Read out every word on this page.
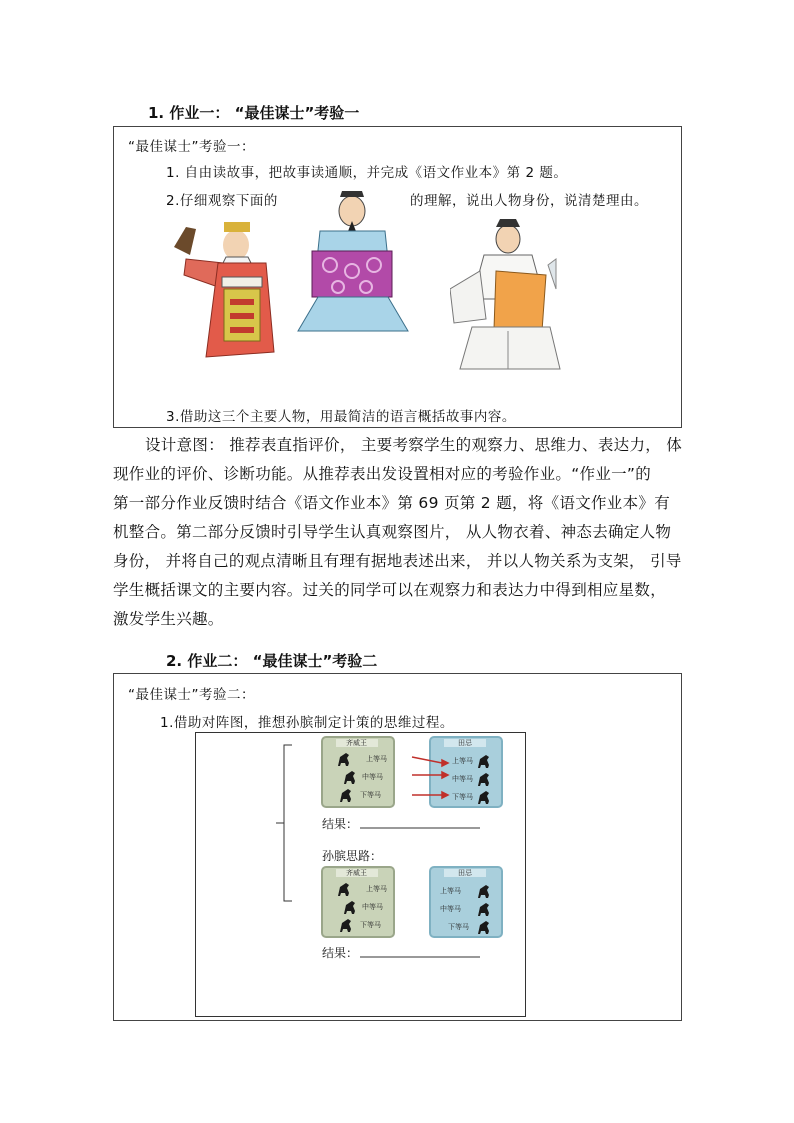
1. 作业一： “最佳谋士”考验一
“最佳谋士”考验一：
1. 自由读故事，把故事读通顺，并完成《语文作业本》第 2 题。
2.仔细观察下面的	的理解，说出人物身份，说清楚理由。
3.借助这三个主要人物，用最简洁的语言概括故事内容。
设计意图： 推荐表直指评价， 主要考察学生的观察力、思维力、表达力， 体
现作业的评价、诊断功能。从推荐表出发设置相对应的考验作业。“作业一”的
第一部分作业反馈时结合《语文作业本》第 69 页第 2 题，将《语文作业本》有
机整合。第二部分反馈时引导学生认真观察图片， 从人物衣着、神态去确定人物
身份， 并将自己的观点清晰且有理有据地表述出来， 并以人物关系为支架， 引导
学生概括课文的主要内容。过关的同学可以在观察力和表达力中得到相应星数，
激发学生兴趣。
2. 作业二： “最佳谋士”考验二
“最佳谋士”考验二：
1.借助对阵图，推想孙膑制定计策的思维过程。
齐威王	田忌
上等马
中等马
下等马
上等马
中等马
下等马
齐威王	田忌
上等马
中等马
下等马
上等马
中等马
下等马
结果：
孙膑思路：
结果：
